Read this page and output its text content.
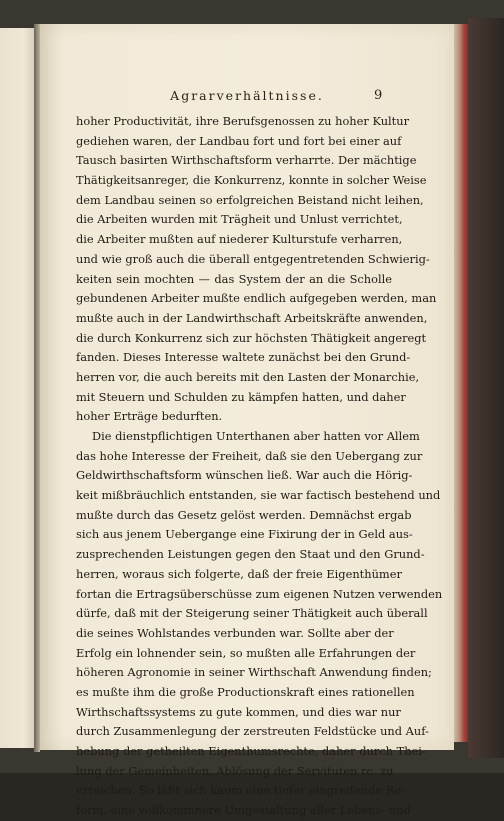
Agrarverhältnisse.	9
hoher Productivität, ihre Berufsgenossen zu hoher Kultur
gediehen waren, der Landbau fort und fort bei einer auf
Tausch basirten Wirthschaftsform verharrte. Der mächtige
Thätigkeitsanreger, die Konkurrenz, konnte in solcher Weise
dem Landbau seinen so erfolgreichen Beistand nicht leihen,
die Arbeiten wurden mit Trägheit und Unlust verrichtet,
die Arbeiter mußten auf niederer Kulturstufe verharren,
und wie groß auch die überall entgegentretenden Schwierig-
keiten sein mochten — das System der an die Scholle
gebundenen Arbeiter mußte endlich aufgegeben werden, man
mußte auch in der Landwirthschaft Arbeitskräfte anwenden,
die durch Konkurrenz sich zur höchsten Thätigkeit angeregt
fanden. Dieses Interesse waltete zunächst bei den Grund-
herren vor, die auch bereits mit den Lasten der Monarchie,
mit Steuern und Schulden zu kämpfen hatten, und daher
hoher Erträge bedurften.
Die dienstpflichtigen Unterthanen aber hatten vor Allem
das hohe Interesse der Freiheit, daß sie den Uebergang zur
Geldwirthschaftsform wünschen ließ. War auch die Hörig-
keit mißbräuchlich entstanden, sie war factisch bestehend und
mußte durch das Gesetz gelöst werden. Demnächst ergab
sich aus jenem Uebergange eine Fixirung der in Geld aus-
zusprechenden Leistungen gegen den Staat und den Grund-
herren, woraus sich folgerte, daß der freie Eigenthümer
fortan die Ertragsüberschüsse zum eigenen Nutzen verwenden
dürfe, daß mit der Steigerung seiner Thätigkeit auch überall
die seines Wohlstandes verbunden war. Sollte aber der
Erfolg ein lohnender sein, so mußten alle Erfahrungen der
höheren Agronomie in seiner Wirthschaft Anwendung finden;
es mußte ihm die große Productionskraft eines rationellen
Wirthschaftssystems zu gute kommen, und dies war nur
durch Zusammenlegung der zerstreuten Feldstücke und Auf-
hebung der getheilten Eigenthumsrechte, daher durch Thei-
lung der Gemeinheiten, Ablösung der Servituten rc. zu
erreichen. So läßt sich kaum eine tiefer eingreifende Re-
form, eine vollkommnere Umgestaltung aller Lebens- und
